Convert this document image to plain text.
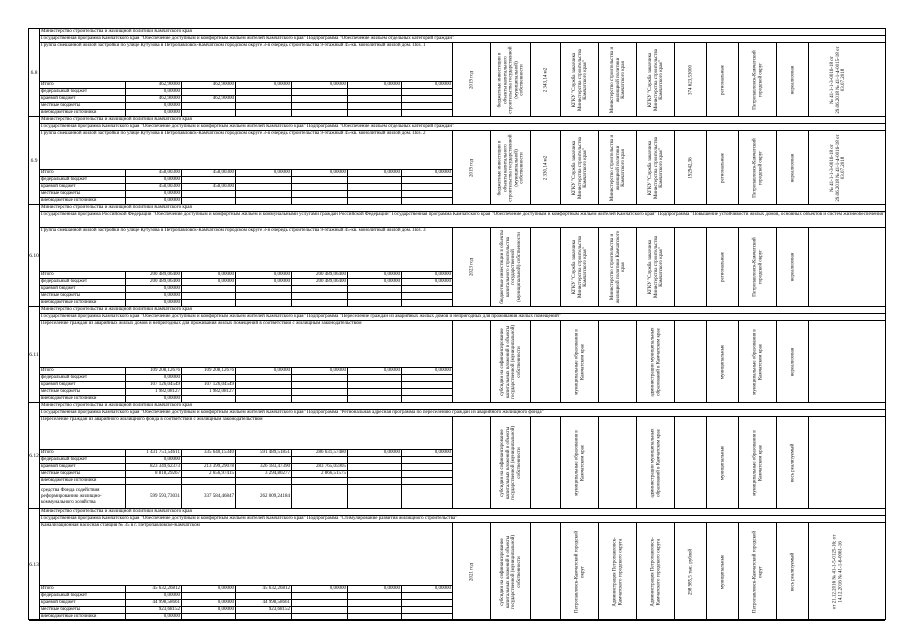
6.8
Министерство строительства и жилищной политики Камчатского края
Государственная программа Камчатского края "Обеспечение доступным и комфортным жильем жителей Камчатского края" Подпрограмма "Обеспечение жильем отдельных категорий граждан"
Группа смешанной жилой застройки по улице Кутузова в Петропавловск-Камчатском городском округе 3-я очередь строительства 9-этажный 45-кв. монолитный жилой дом. Поз. 1
Итого	462,90000	462,90000	0,00000	0,00000	0,00000	0,00000
федеральный бюджет	0,00000					
краевой бюджет	462,90000	462,90000				
местные бюджеты	0,00000					
внебюджетные источники	0,00000					
2019 год	бюджетные инвестиции в объекты капитального строительства государственной (муниципальной) собственности	2 343,14 м2	КГКУ "Служба заказчика Министерства строительства Камчатского края"	Министерство строительства и жилищной политики Камчатского края	КГКУ "Служба заказчика Министерства строительства Камчатского края"	374 623,53000	региональные	Петропавловск-Камчатский городской округ	нереализован	№ 41-1-1-3-0016-18 от 29.06.2018 № 41-1-4-0015-18 от 03.07.2018
6.9
Министерство строительства и жилищной политики Камчатского края
Государственная программа Камчатского края "Обеспечение доступным и комфортным жильем жителей Камчатского края" Подпрограмма "Обеспечение жильем отдельных категорий граждан"
Группа смешанной жилой застройки по улице Кутузова в Петропавловск-Камчатском городском округе 3-я очередь строительства 9-этажный 45-кв. монолитный жилой дом. Поз. 2
Итого	458,00300	458,00300	0,00000	0,00000	0,00000	0,00000
федеральный бюджет	0,00000					
краевой бюджет	458,00300	458,00300				
местные бюджеты	0,00000					
внебюджетные источники	0,00000					
2019 год	бюджетные инвестиции в объекты капитального строительства государственной (муниципальной) собственности	2 330,14 м2	КГКУ "Служба заказчика Министерства строительства Камчатского края"	Министерство строительства и жилищной политики Камчатского края	КГКУ "Служба заказчика Министерства строительства Камчатского края"	192942,36	региональные	Петропавловск-Камчатский городской округ	нереализован	№ 41-1-1-3-0016-18 от 29.06.2018 № 41-1-4-0016-18 от 03.07.2018
6.10
Министерство строительства и жилищной политики Камчатского края
Государственная программа Российской Федерации "Обеспечение доступным и комфортным жильем и коммунальными услугами граждан Российской Федерации" Государственная программа Камчатского края "Обеспечение доступным и комфортным жильем жителей Камчатского края" Подпрограмма "Повышение устойчивости жилых домов, основных объектов и систем жизнеобеспечения"
Группа смешанной жилой застройки по улице Кутузова в Петропавловск-Камчатском городском округе 3-я очередь строительства 9-этажный 45-кв. монолитный жилой дом. Поз. 3
Итого	200 489,06400	0,00000	0,00000	200 489,06400	0,00000	0,00000
федеральный бюджет	200 489,06400	0,00000	0,00000	200 489,06400	0,00000	0,00000
краевой бюджет	0,00000					
местные бюджеты	0,00000					
внебюджетные источники	0,00000					
2023 год	бюджетные инвестиции в объекты капитального строительства государственной (муниципальной) собственности	КГКУ "Служба заказчика Министерства строительства Камчатского края"	Министерство строительства и жилищной политики Камчатского края	КГКУ "Служба заказчика Министерства строительства Камчатского края"	региональные	Петропавловск-Камчатский городской округ	нереализован
6.11
Министерство строительства и жилищной политики Камчатского края
Государственная программа Камчатского края "Обеспечение доступным и комфортным жильем жителей Камчатского края" Подпрограмма "Переселение граждан из аварийных жилых домов и непригодных для проживания жилых помещений"
Переселение граждан из аварийных жилых домов и непригодных для проживания жилых помещений в соответствии с жилищным законодательством
Итого	109 208,12676	109 208,12676	0,00000	0,00000	0,00000	0,00000
федеральный бюджет	0,00000					
краевой бюджет	107 126,04549	107 126,04549				
местные бюджеты	1 982,08127	1 982,08127				
внебюджетные источники	0,00000					
субсидии на софинансирование капитальных вложений в объекты государственной (муниципальной) собственности	муниципальные образования в Камчатском крае	администрации муниципальных образований в Камчатском крае	муниципальные	муниципальные образования в Камчатском крае	нереализован
6.12
Министерство строительства и жилищной политики Камчатского края
Государственная программа Камчатского края "Обеспечение доступным и комфортным жильем жителей Камчатского края" Подпрограмма "Региональная адресная программа по переселению граждан из аварийного жилищного фонда"
Переселение граждан из аварийного жилищного фонда в соответствии с жилищным законодательством
Итого	1 431 751,54611	335 640,15340	591 489,51851	286 631,57480	0,00000	0,00000
федеральный бюджет	0,00000					
краевой бюджет	823 349,62373	213 399,29078	326 183,47390	283 765,05905		
местные бюджеты	8 818,29267	2 656,97415	3 294,80277	2 866,51575		
внебюджетные источники						
средства Фонда содействия реформированию жилищно-коммунального хозяйства	599 593,73031	337 584,46847	262 009,24184			
субсидии на софинансирование капитальных вложений в объекты государственной (муниципальной) собственности	муниципальные образования в Камчатском крае	администрации муниципальных образований в Камчатском крае	муниципальные	муниципальные образования в Камчатском крае	весь реализуемый
6.13
Министерство строительства и жилищной политики Камчатского края
Государственная программа Камчатского края "Обеспечение доступным и комфортным жильем жителей Камчатского края" Подпрограмма "Стимулирование развития жилищного строительства"
Канализационная насосная станция № 35 в г. Петропавловске-Камчатском
Итого	45 632,26812	0,00000	45 632,26812	0,00000	0,00000	0,00000
федеральный бюджет	0,00000					
краевой бюджет	44 998,58661	0,00000	44 998,58661			
местные бюджеты	923,68152	0,00000	923,68152			
внебюджетные источники	0,00000					
2021 год	субсидии на софинансирование капитальных вложений в объекты государственной (муниципальной) собственности	Петропавловск-Камчатский городской округ	Администрация Петропавловск-Камчатского городского округа	Администрация Петропавловск-Камчатского городского округа	298 985,5 тыс. рублей	муниципальные	Петропавловск-Камчатский городской округ	весь реализуемый	от 21.12.2016 № 41-1-5-0125-16; от 14.12.2016 № 41-1-6-0061-16
